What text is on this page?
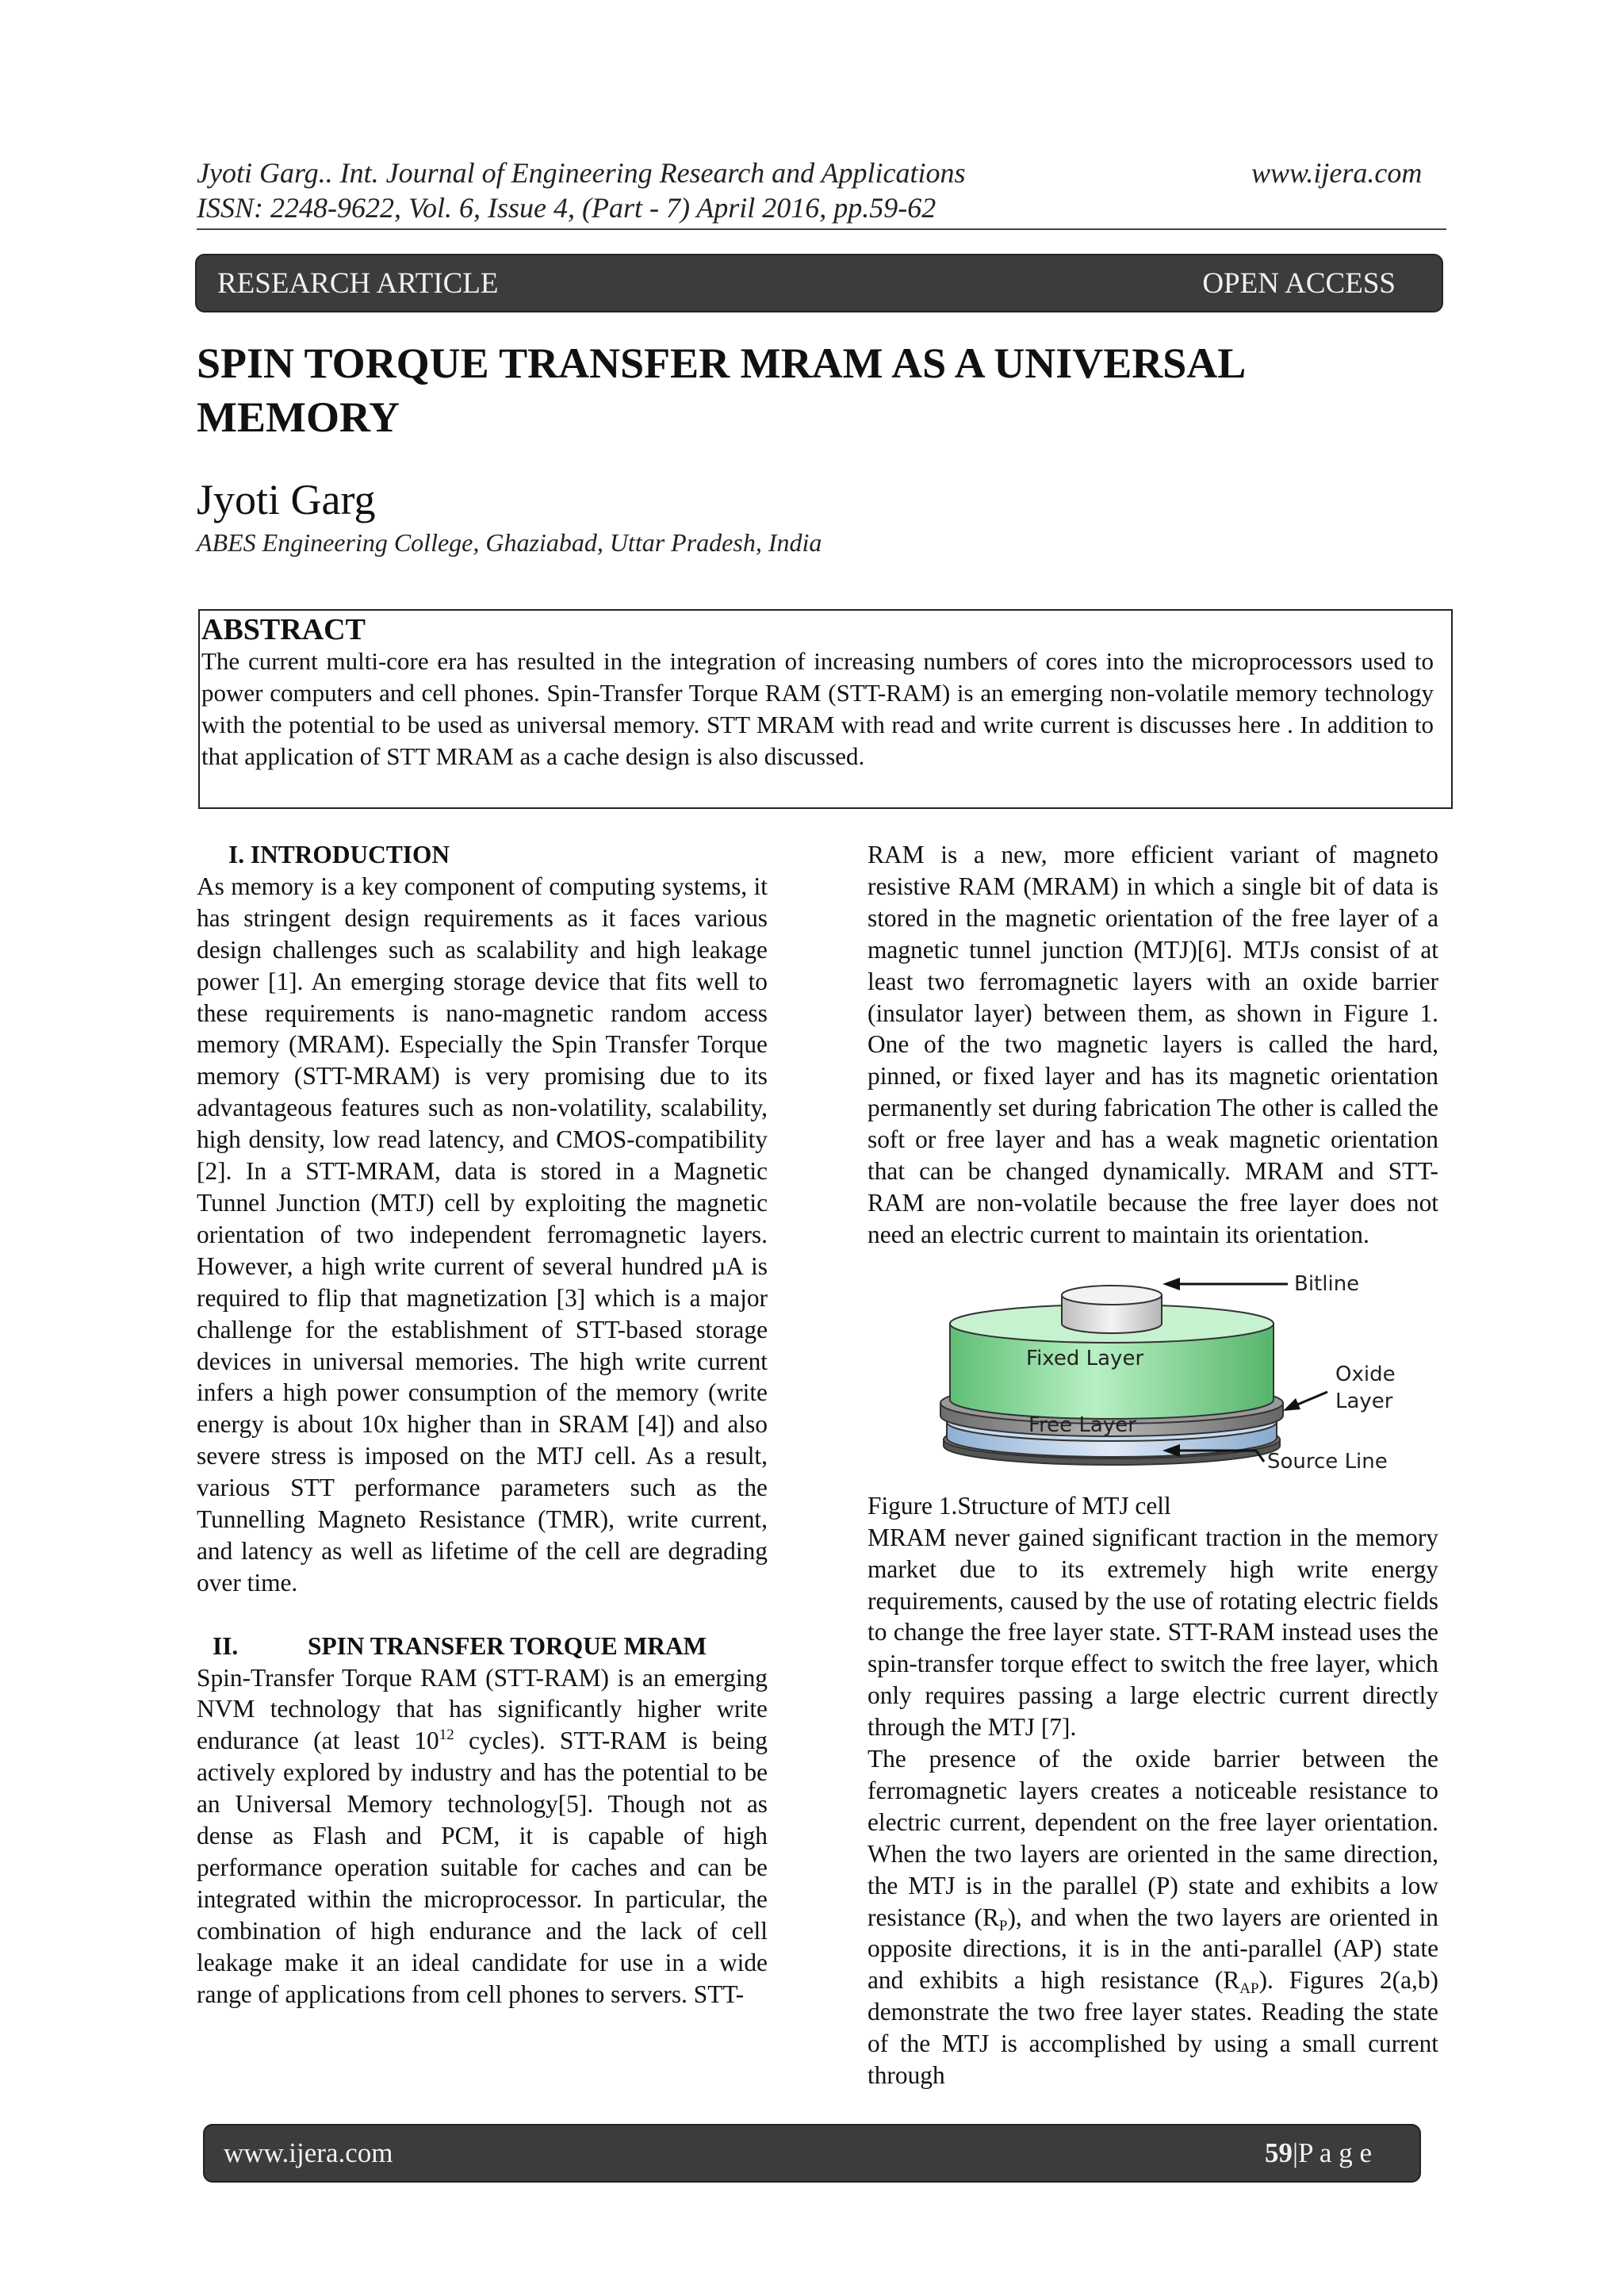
Jyoti Garg.. Int. Journal of Engineering Research and Applications	www.ijera.com
ISSN: 2248-9622, Vol. 6, Issue 4, (Part - 7) April 2016, pp.59-62
RESEARCH ARTICLE	OPEN ACCESS
SPIN TORQUE TRANSFER MRAM AS A UNIVERSAL MEMORY
Jyoti Garg
ABES Engineering College, Ghaziabad, Uttar Pradesh, India
ABSTRACT
The current multi-core era has resulted in the integration of increasing numbers of cores into the microprocessors used to power computers and cell phones. Spin-Transfer Torque RAM (STT-RAM) is an emerging non-volatile memory technology with the potential to be used as universal memory. STT MRAM with read and write current is discusses here . In addition to that application of STT MRAM as a cache design is also discussed.

I. INTRODUCTION

As memory is a key component of computing systems, it has stringent design requirements as it faces various design challenges such as scalability and high leakage power [1]. An emerging storage device that fits well to these requirements is nano-magnetic random access memory (MRAM). Especially the Spin Transfer Torque memory (STT-MRAM) is very promising due to its advantageous features such as non-volatility, scalability, high density, low read latency, and CMOS-compatibility [2]. In a STT-MRAM, data is stored in a Magnetic Tunnel Junction (MTJ) cell by exploiting the magnetic orientation of two independent ferromagnetic layers. However, a high write current of several hundred µA is required to flip that magnetization [3] which is a major challenge for the establishment of STT-based storage devices in universal memories. The high write current infers a high power consumption of the memory (write energy is about 10x higher than in SRAM [4]) and also severe stress is imposed on the MTJ cell. As a result, various STT performance parameters such as the Tunnelling Magneto Resistance (TMR), write current, and latency as well as lifetime of the cell are degrading over time.

II.	SPIN TRANSFER TORQUE MRAM

Spin-Transfer Torque RAM (STT-RAM) is an emerging NVM technology that has significantly higher write endurance (at least $10^{12}$ cycles). STT-RAM is being actively explored by industry and has the potential to be an Universal Memory technology[5]. Though not as dense as Flash and PCM, it is capable of high performance operation suitable for caches and can be integrated within the microprocessor. In particular, the combination of high endurance and the lack of cell leakage make it an ideal candidate for use in a wide range of applications from cell phones to servers. STT-

RAM is a new, more efficient variant of magneto resistive RAM (MRAM) in which a single bit of data is stored in the magnetic orientation of the free layer of a magnetic tunnel junction (MTJ)[6]. MTJs consist of at least two ferromagnetic layers with an oxide barrier (insulator layer) between them, as shown in Figure 1. One of the two magnetic layers is called the hard, pinned, or fixed layer and has its magnetic orientation permanently set during fabrication The other is called the soft or free layer and has a weak magnetic orientation that can be changed dynamically. MRAM and STT-RAM are non-volatile because the free layer does not need an electric current to maintain its orientation.

Fixed Layer
Free Layer
Bitline
Oxide
Layer
Source Line

Figure 1.Structure of MTJ cell

MRAM never gained significant traction in the memory market due to its extremely high write energy requirements, caused by the use of rotating electric fields to change the free layer state. STT-RAM instead uses the spin-transfer torque effect to switch the free layer, which only requires passing a large electric current directly through the MTJ [7].

The presence of the oxide barrier between the ferromagnetic layers creates a noticeable resistance to electric current, dependent on the free layer orientation. When the two layers are oriented in the same direction, the MTJ is in the parallel (P) state and exhibits a low resistance $(R_P)$, and when the two layers are oriented in opposite directions, it is in the anti-parallel (AP) state and exhibits a high resistance $(R_{AP})$. Figures 2(a,b) demonstrate the two free layer states. Reading the state of the MTJ is accomplished by using a small current through

www.ijera.com	59|P a g e
